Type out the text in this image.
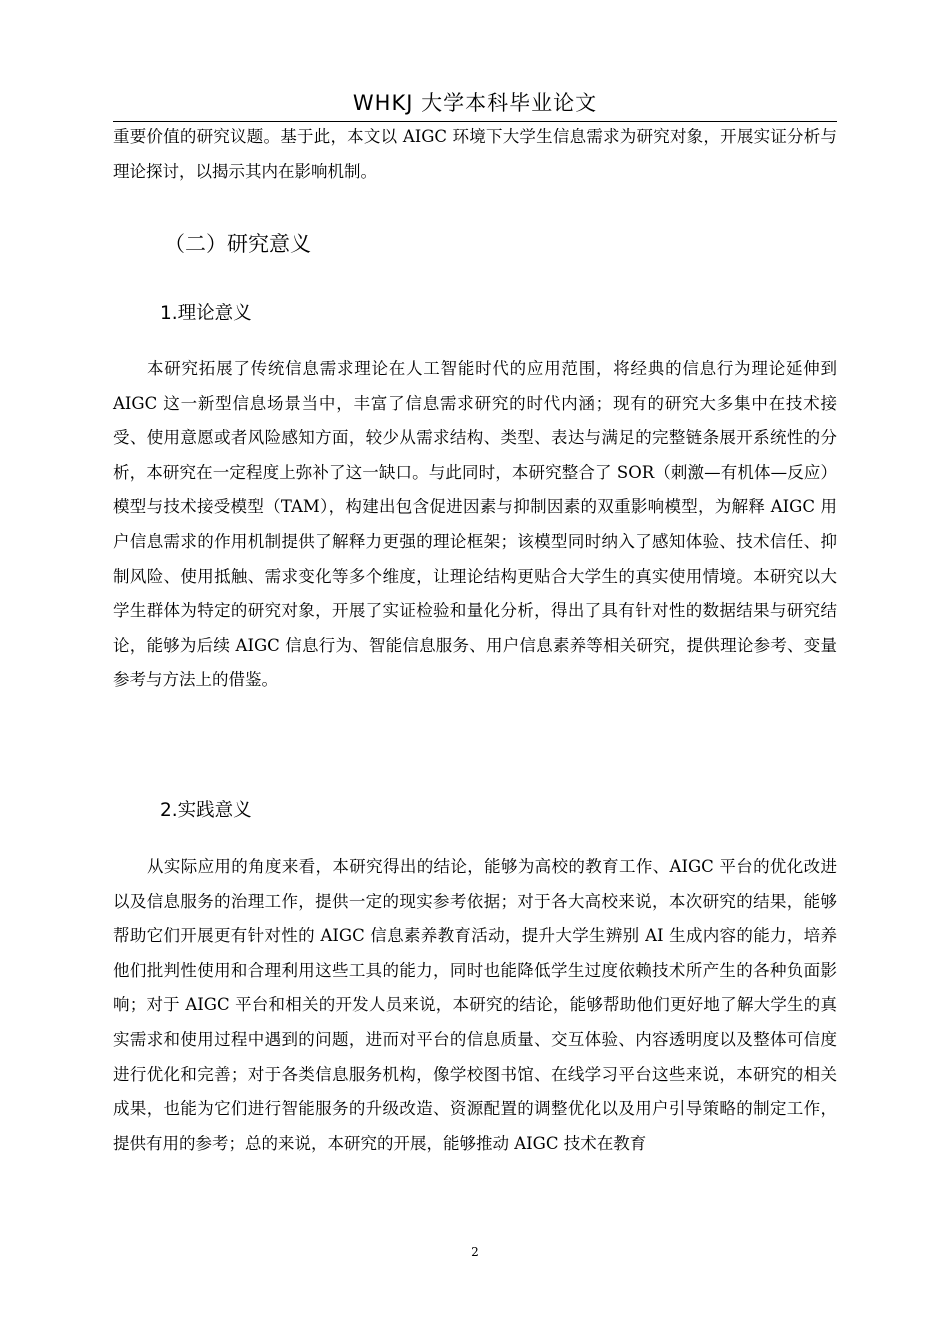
WHKJ 大学本科毕业论文

重要价值的研究议题。基于此，本文以 AIGC 环境下大学生信息需求为研究对象，开展实证分析与理论探讨，以揭示其内在影响机制。

（二）研究意义
1.理论意义

本研究拓展了传统信息需求理论在人工智能时代的应用范围，将经典的信息行为理论延伸到 AIGC 这一新型信息场景当中，丰富了信息需求研究的时代内涵；现有的研究大多集中在技术接受、使用意愿或者风险感知方面，较少从需求结构、类型、表达与满足的完整链条展开系统性的分析，本研究在一定程度上弥补了这一缺口。与此同时，本研究整合了 SOR（刺激—有机体—反应）模型与技术接受模型（TAM），构建出包含促进因素与抑制因素的双重影响模型，为解释 AIGC 用户信息需求的作用机制提供了解释力更强的理论框架；该模型同时纳入了感知体验、技术信任、抑制风险、使用抵触、需求变化等多个维度，让理论结构更贴合大学生的真实使用情境。本研究以大学生群体为特定的研究对象，开展了实证检验和量化分析，得出了具有针对性的数据结果与研究结论，能够为后续 AIGC 信息行为、智能信息服务、用户信息素养等相关研究，提供理论参考、变量参考与方法上的借鉴。

2.实践意义

从实际应用的角度来看，本研究得出的结论，能够为高校的教育工作、AIGC 平台的优化改进以及信息服务的治理工作，提供一定的现实参考依据；对于各大高校来说，本次研究的结果，能够帮助它们开展更有针对性的 AIGC 信息素养教育活动，提升大学生辨别 AI 生成内容的能力，培养他们批判性使用和合理利用这些工具的能力，同时也能降低学生过度依赖技术所产生的各种负面影响；对于 AIGC 平台和相关的开发人员来说，本研究的结论，能够帮助他们更好地了解大学生的真实需求和使用过程中遇到的问题，进而对平台的信息质量、交互体验、内容透明度以及整体可信度进行优化和完善；对于各类信息服务机构，像学校图书馆、在线学习平台这些来说，本研究的相关成果，也能为它们进行智能服务的升级改造、资源配置的调整优化以及用户引导策略的制定工作，提供有用的参考；总的来说，本研究的开展，能够推动 AIGC 技术在教育

2
